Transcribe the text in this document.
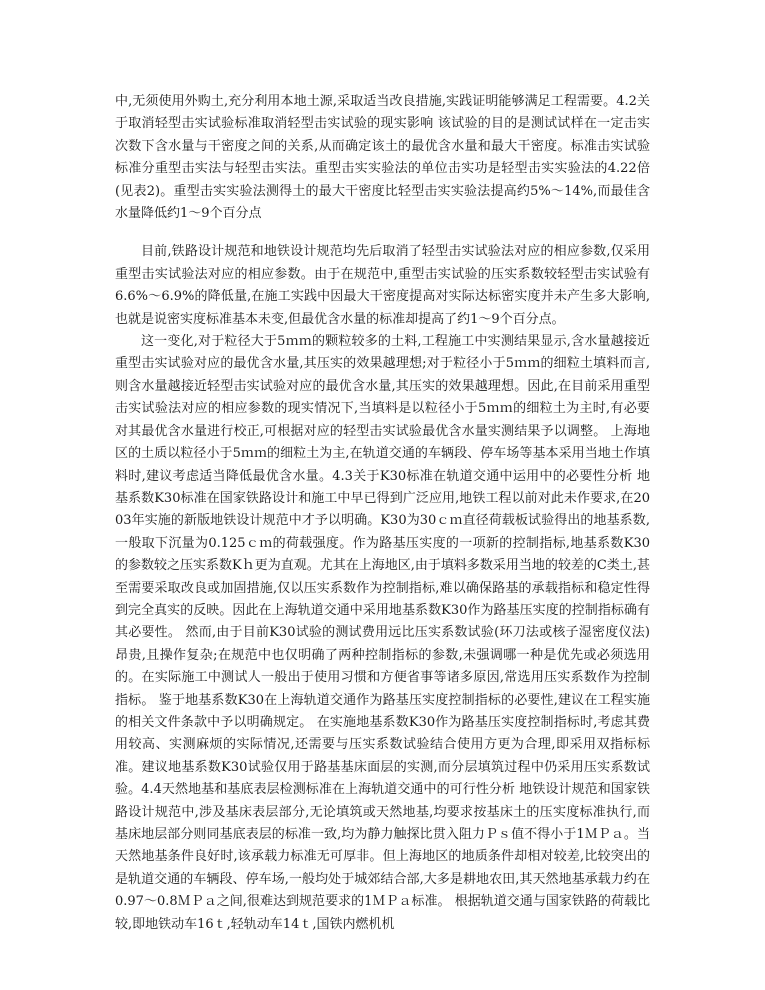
中,无须使用外购土,充分利用本地土源,采取适当改良措施,实践证明能够满足工程需要。4.2关于取消轻型击实试验标准取消轻型击实试验的现实影响 该试验的目的是测试试样在一定击实次数下含水量与干密度之间的关系,从而确定该土的最优含水量和最大干密度。标准击实试验标准分重型击实法与轻型击实法。重型击实实验法的单位击实功是轻型击实实验法的4.22倍(见表2)。重型击实实验法测得土的最大干密度比轻型击实实验法提高约5%～14%,而最佳含水量降低约1～9个百分点

目前,铁路设计规范和地铁设计规范均先后取消了轻型击实试验法对应的相应参数,仅采用重型击实试验法对应的相应参数。由于在规范中,重型击实试验的压实系数较轻型击实试验有6.6%～6.9%的降低量,在施工实践中因最大干密度提高对实际达标密实度并未产生多大影响,也就是说密实度标准基本未变,但最优含水量的标准却提高了约1～9个百分点。

这一变化,对于粒径大于5ｍｍ的颗粒较多的土料,工程施工中实测结果显示,含水量越接近重型击实试验对应的最优含水量,其压实的效果越理想;对于粒径小于5ｍｍ的细粒土填料而言,则含水量越接近轻型击实试验对应的最优含水量,其压实的效果越理想。因此,在目前采用重型击实试验法对应的相应参数的现实情况下,当填料是以粒径小于5ｍｍ的细粒土为主时,有必要对其最优含水量进行校正,可根据对应的轻型击实试验最优含水量实测结果予以调整。 上海地区的土质以粒径小于5ｍｍ的细粒土为主,在轨道交通的车辆段、停车场等基本采用当地土作填料时,建议考虑适当降低最优含水量。4.3关于K30标准在轨道交通中运用中的必要性分析 地基系数K30标准在国家铁路设计和施工中早已得到广泛应用,地铁工程以前对此未作要求,在2003年实施的新版地铁设计规范中才予以明确。K30为30ｃｍ直径荷载板试验得出的地基系数,一般取下沉量为0.125ｃｍ的荷载强度。作为路基压实度的一项新的控制指标,地基系数K30的参数较之压实系数Kｈ更为直观。尤其在上海地区,由于填料多数采用当地的较差的C类土,甚至需要采取改良或加固措施,仅以压实系数作为控制指标,难以确保路基的承载指标和稳定性得到完全真实的反映。因此在上海轨道交通中采用地基系数K30作为路基压实度的控制指标确有其必要性。 然而,由于目前K30试验的测试费用远比压实系数试验(环刀法或核子湿密度仪法)昂贵,且操作复杂;在规范中也仅明确了两种控制指标的参数,未强调哪一种是优先或必须选用的。在实际施工中测试人一般出于使用习惯和方便省事等诸多原因,常选用压实系数作为控制指标。 鉴于地基系数K30在上海轨道交通作为路基压实度控制指标的必要性,建议在工程实施的相关文件条款中予以明确规定。 在实施地基系数K30作为路基压实度控制指标时,考虑其费用较高、实测麻烦的实际情况,还需要与压实系数试验结合使用方更为合理,即采用双指标标准。建议地基系数K30试验仅用于路基基床面层的实测,而分层填筑过程中仍采用压实系数试验。4.4天然地基和基底表层检测标准在上海轨道交通中的可行性分析 地铁设计规范和国家铁路设计规范中,涉及基床表层部分,无论填筑或天然地基,均要求按基床土的压实度标准执行,而基床地层部分则同基底表层的标准一致,均为静力触探比贯入阻力Ｐｓ值不得小于1ＭＰａ。当天然地基条件良好时,该承载力标准无可厚非。但上海地区的地质条件却相对较差,比较突出的是轨道交通的车辆段、停车场,一般均处于城郊结合部,大多是耕地农田,其天然地基承载力约在0.97～0.8ＭＰａ之间,很难达到规范要求的1ＭＰａ标准。 根据轨道交通与国家铁路的荷载比较,即地铁动车16ｔ,轻轨动车14ｔ,国铁内燃机机
